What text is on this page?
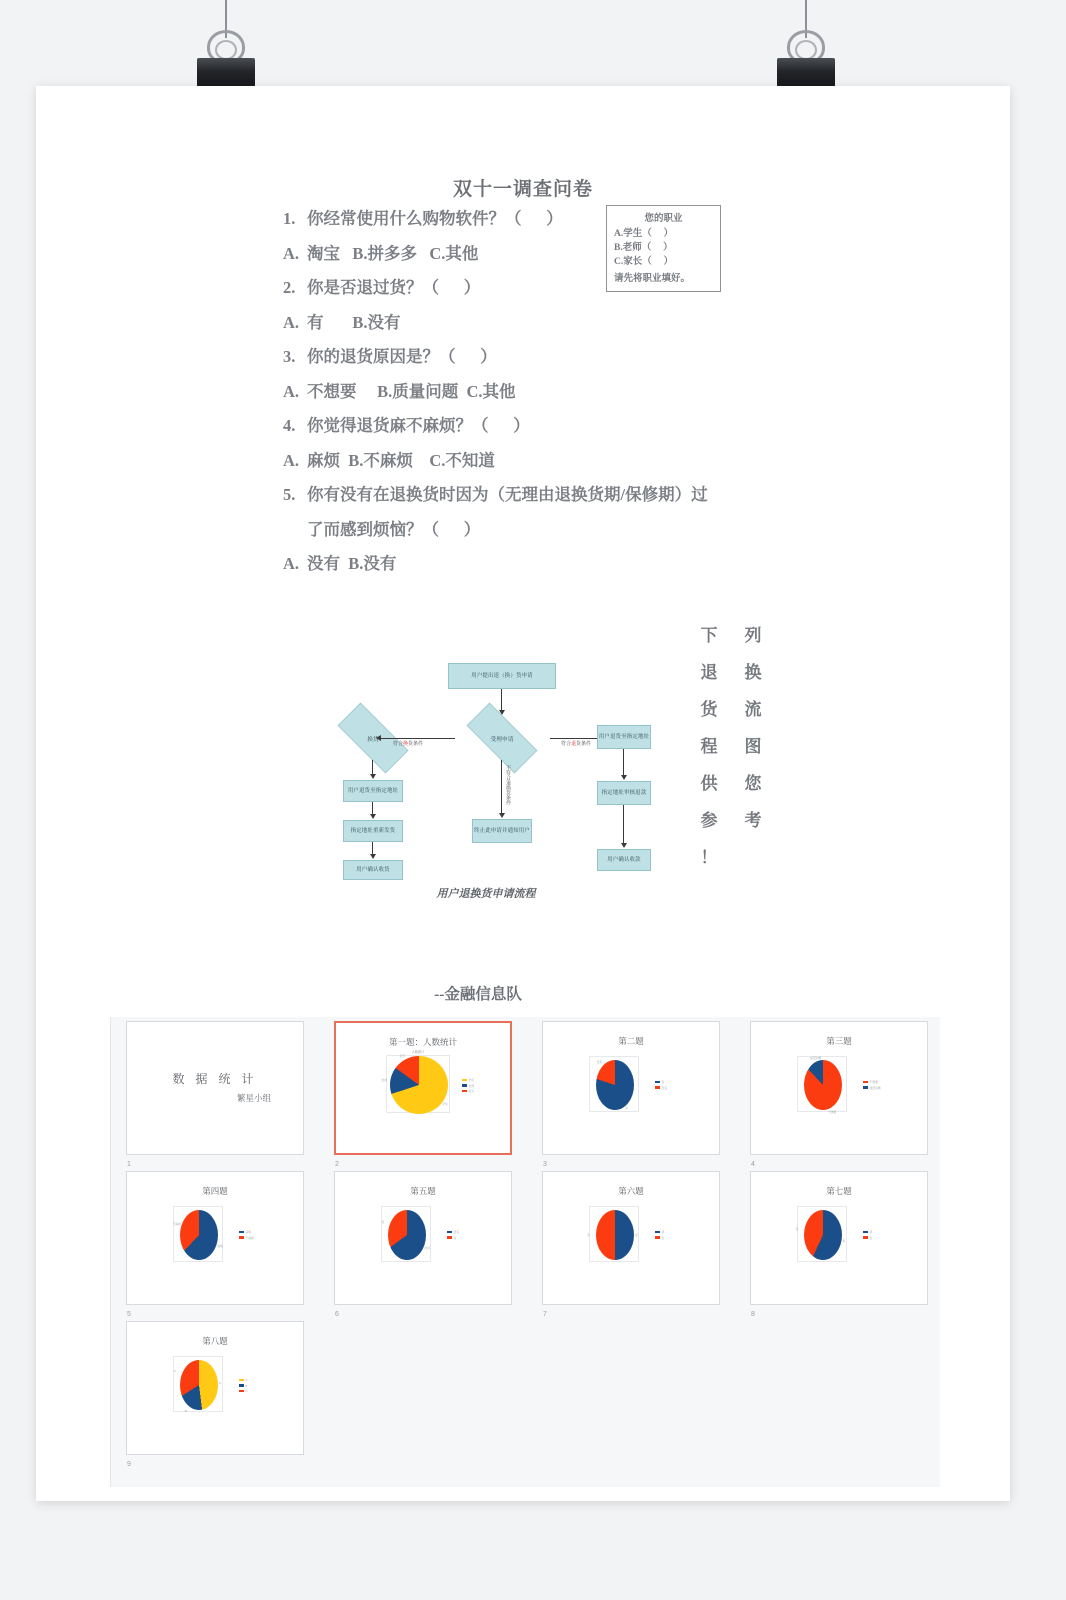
双十一调查问卷
1. 你经常使用什么购物软件？（      ）
A. 淘宝   B.拼多多   C.其他
2. 你是否退过货？（      ）
A. 有       B.没有
3. 你的退货原因是？（      ）
A. 不想要     B.质量问题  C.其他
4. 你觉得退货麻不麻烦？（      ）
A. 麻烦  B.不麻烦    C.不知道
5. 你有没有在退换货时因为（无理由退换货期/保修期）过
了而感到烦恼？（      ）
A. 没有  B.没有
您的职业
A.学生（     ）
B.老师（     ）
C.家长（     ）
请先将职业填好。
下	列
退	换
货	流
程	图
供	您
参	考
！
用户提出退（换）货申请
受理申请
换货
符合换货条件	符合退货条件
不符合退换货条件
终止此申请并通知用户
用户退货至指定地址
指定地址重新发货
用户确认收货
用户退货至指定地址
指定地址审核退款
用户确认收款
用户退换货申请流程
--金融信息队
数 据 统 计
繁星小组
1
第一题：人数统计
人数统计
学生
老师
家长
学生
老师
家长
2
第二题
有
没有
有
没有
3
第三题
不想要
质量问题
不想要
质量问题
4
第四题
麻烦
不麻烦
麻烦
不麻烦
5
第五题
没有
有
没有
有
6
第六题
是
否
是
否
7
第七题
是
否
是
否
8
第八题
A
B
C
A
B
C
9
